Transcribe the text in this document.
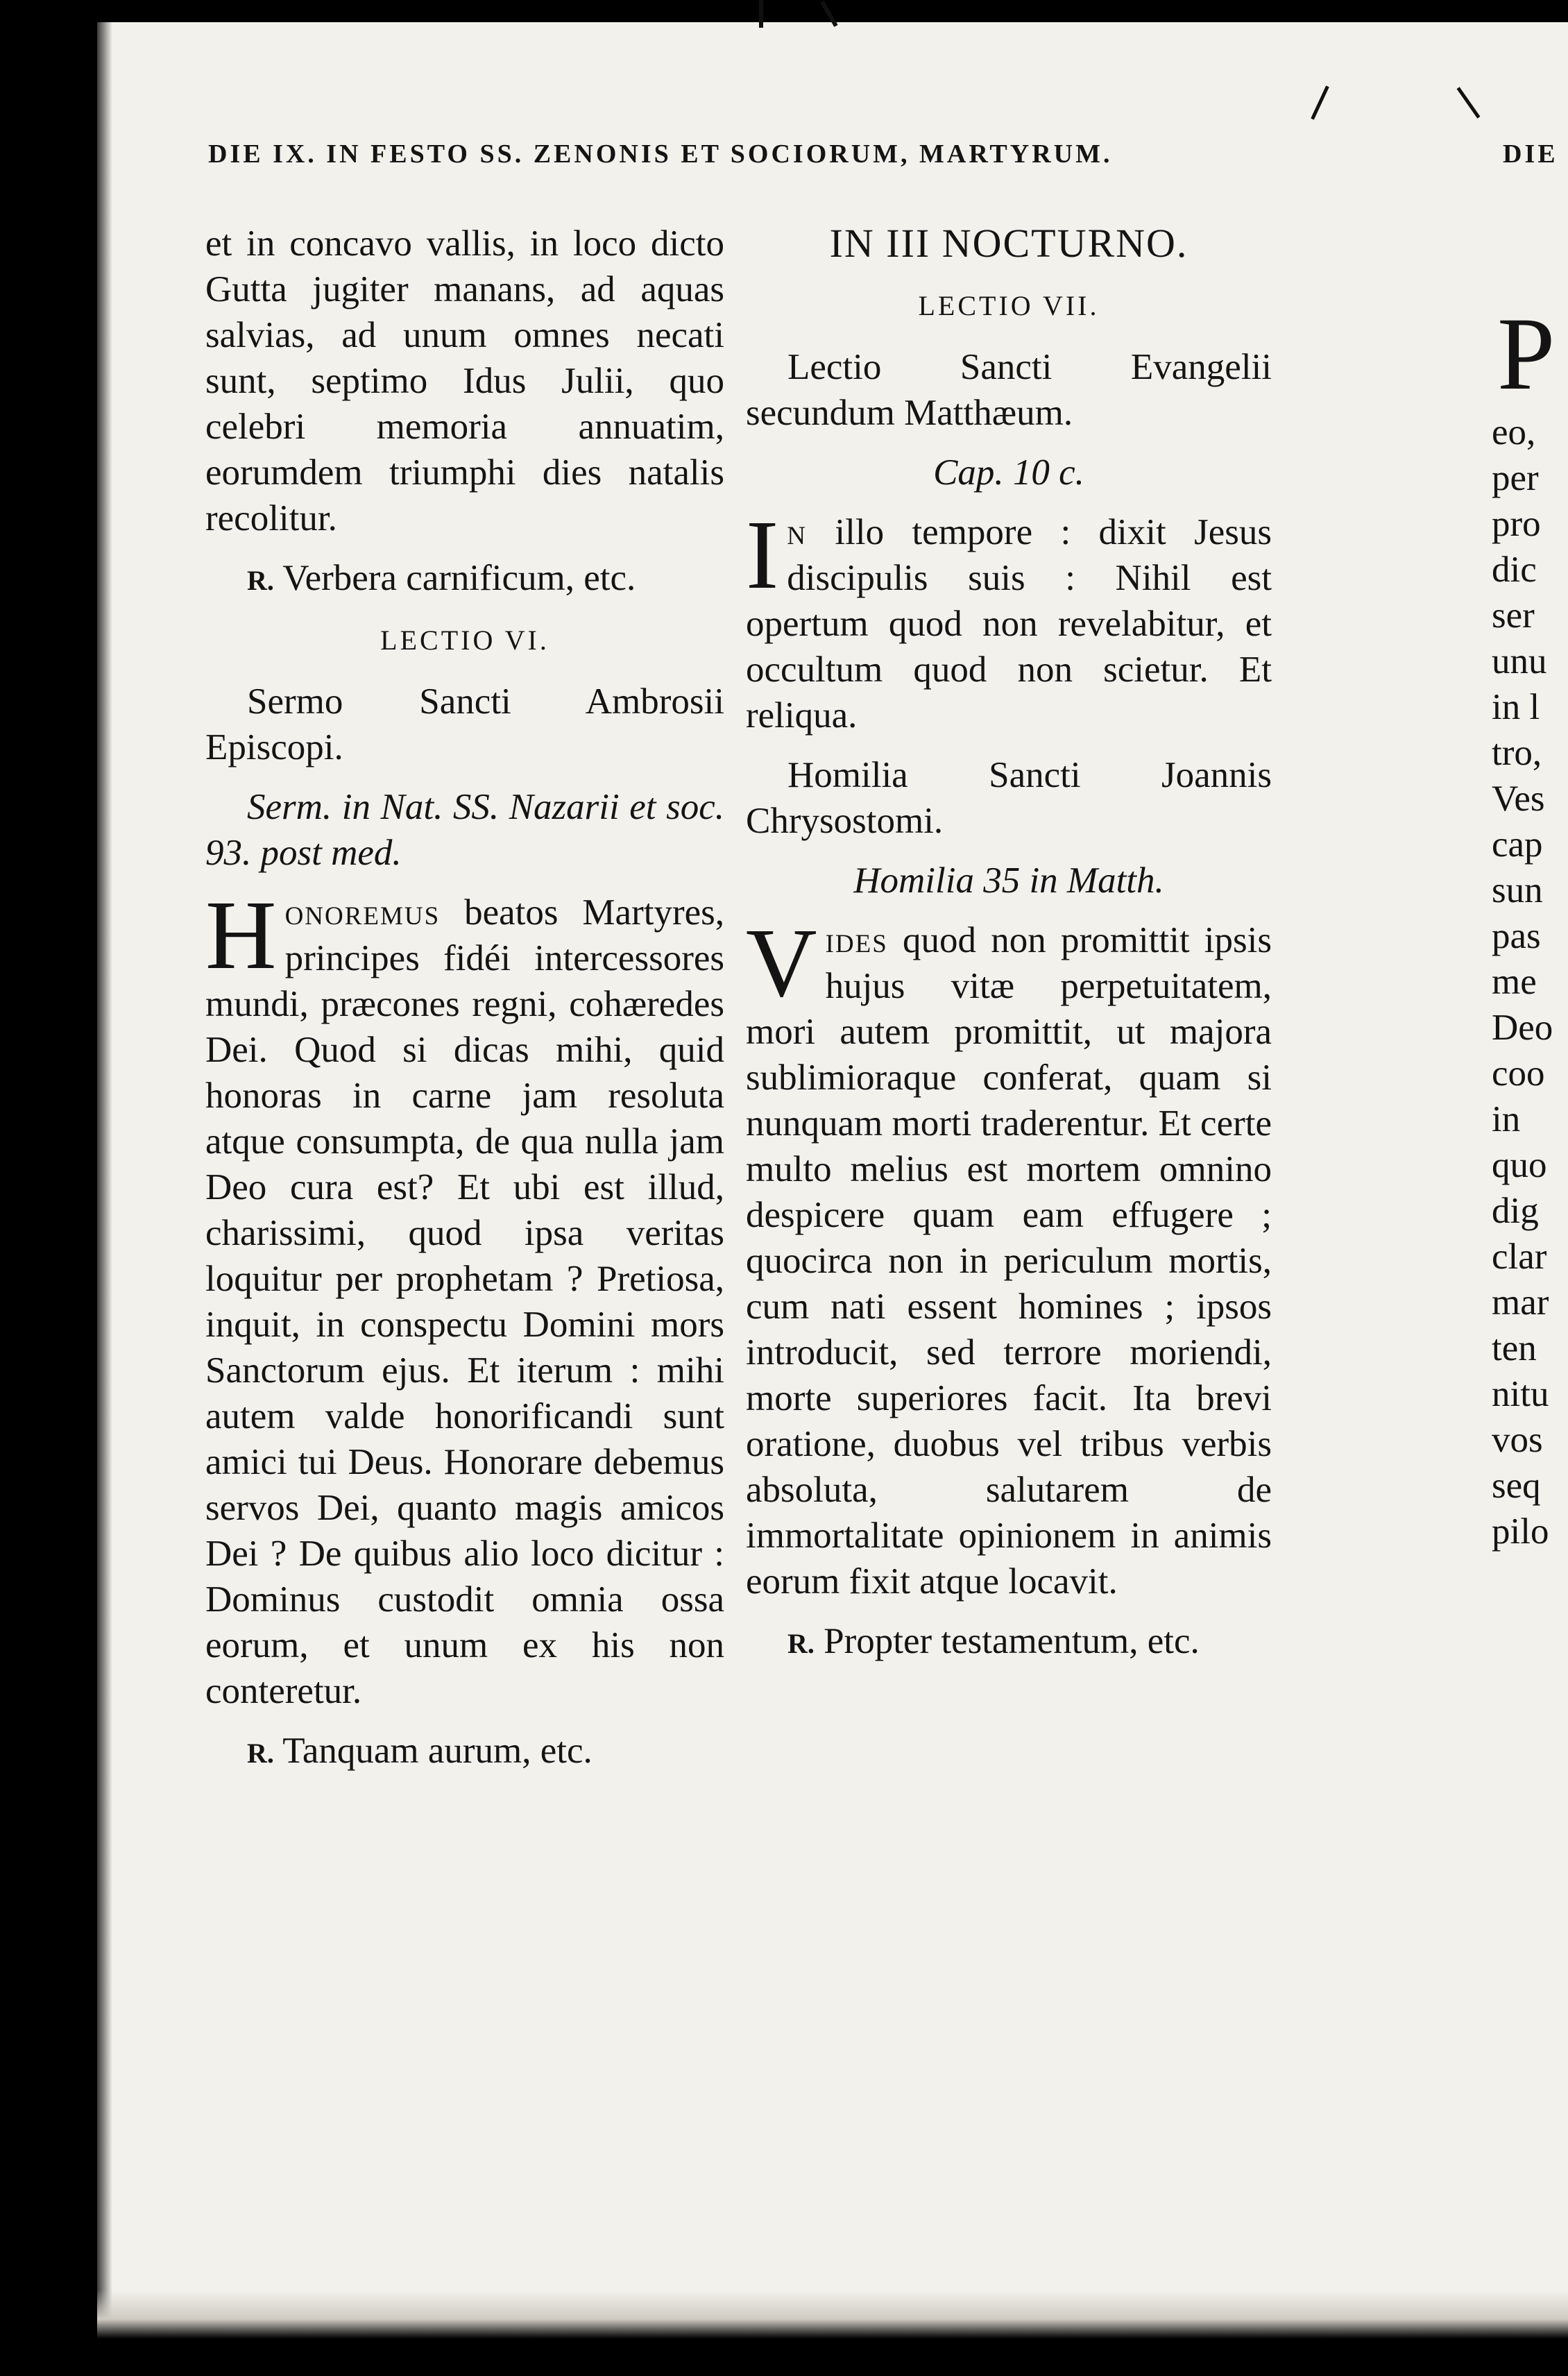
DIE IX. IN FESTO SS. ZENONIS ET SOCIORUM, MARTYRUM.	DIE

et in concavo vallis, in loco dicto Gutta jugiter manans, ad aquas salvias, ad unum omnes necati sunt, septimo Idus Julii, quo celebri memoria annuatim, eorumdem triumphi dies natalis recolitur.

R. Verbera carnificum, etc.

LECTIO VI.

Sermo Sancti Ambrosii Episcopi.

Serm. in Nat. SS. Nazarii et soc. 93. post med.

Honoremus beatos Martyres, principes fidéi intercessores mundi, præcones regni, cohæredes Dei. Quod si dicas mihi, quid honoras in carne jam resoluta atque consumpta, de qua nulla jam Deo cura est? Et ubi est illud, charissimi, quod ipsa veritas loquitur per prophetam ? Pretiosa, inquit, in conspectu Domini mors Sanctorum ejus. Et iterum : mihi autem valde honorificandi sunt amici tui Deus. Honorare debemus servos Dei, quanto magis amicos Dei ? De quibus alio loco dicitur : Dominus custodit omnia ossa eorum, et unum ex his non conteretur.

R. Tanquam aurum, etc.

IN III NOCTURNO.

LECTIO VII.

Lectio Sancti Evangelii secundum Matthæum.

Cap. 10 c.

In illo tempore : dixit Jesus discipulis suis : Nihil est opertum quod non revelabitur, et occultum quod non scietur. Et reliqua.

Homilia Sancti Joannis Chrysostomi.

Homilia 35 in Matth.

Vides quod non promittit ipsis hujus vitæ perpetuitatem, mori autem promittit, ut majora sublimioraque conferat, quam si nunquam morti traderentur. Et certe multo melius est mortem omnino despicere quam eam effugere ; quocirca non in periculum mortis, cum nati essent homines ; ipsos introducit, sed terrore moriendi, morte superiores facit. Ita brevi oratione, duobus vel tribus verbis absoluta, salutarem de immortalitate opinionem in animis eorum fixit atque locavit.

R. Propter testamentum, etc.

P
eo,
per
pro
dic
ser
unu
in l
tro,
Ves
cap
sun
pas
me
Deo
coo
in
quo
dig
clar
mar
ten
nitu
vos
seq
pilo
